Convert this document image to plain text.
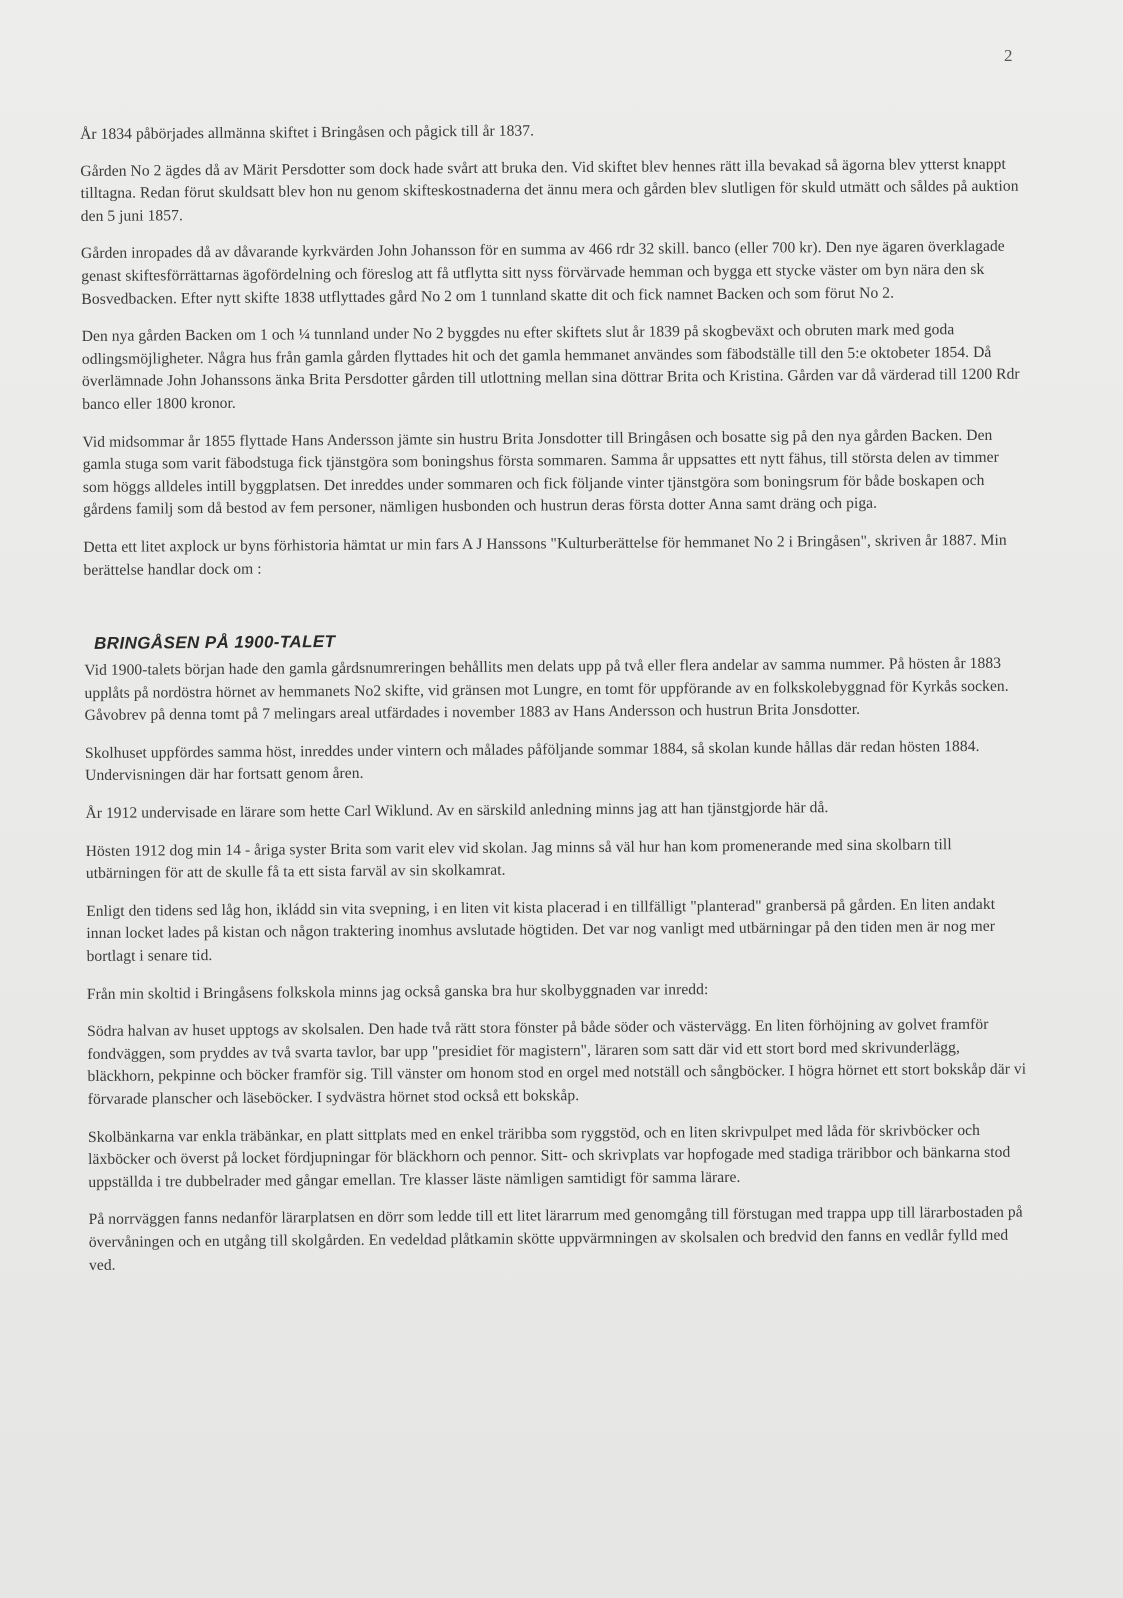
2

År 1834 påbörjades allmänna skiftet i Bringåsen och pågick till år 1837.

Gården No 2 ägdes då av Märit Persdotter som dock hade svårt att bruka den. Vid skiftet blev hennes rätt illa bevakad så ägorna blev ytterst knappt tilltagna. Redan förut skuldsatt blev hon nu genom skifteskostnaderna det ännu mera och gården blev slutligen för skuld utmätt och såldes på auktion den 5 juni 1857.

Gården inropades då av dåvarande kyrkvärden John Johansson för en summa av 466 rdr 32 skill. banco (eller 700 kr). Den nye ägaren överklagade genast skiftesförrättarnas ägofördelning och föreslog att få utflytta sitt nyss förvärvade hemman och bygga ett stycke väster om byn nära den sk Bosvedbacken. Efter nytt skifte 1838 utflyttades gård No 2 om 1 tunnland skatte dit och fick namnet Backen och som förut No 2.

Den nya gården Backen om 1 och ¼ tunnland under No 2 byggdes nu efter skiftets slut år 1839 på skogbeväxt och obruten mark med goda odlingsmöjligheter. Några hus från gamla gården flyttades hit och det gamla hemmanet användes som fäbodställe till den 5:e oktobeter 1854. Då överlämnade John Johanssons änka Brita Persdotter gården till utlottning mellan sina döttrar Brita och Kristina. Gården var då värderad till 1200 Rdr banco eller 1800 kronor.

Vid midsommar år 1855 flyttade Hans Andersson jämte sin hustru Brita Jonsdotter till Bringåsen och bosatte sig på den nya gården Backen. Den gamla stuga som varit fäbodstuga fick tjänstgöra som boningshus första sommaren. Samma år uppsattes ett nytt fähus, till största delen av timmer som höggs alldeles intill byggplatsen. Det inreddes under sommaren och fick följande vinter tjänstgöra som boningsrum för både boskapen och gårdens familj som då bestod av fem personer, nämligen husbonden och hustrun deras första dotter Anna samt dräng och piga.

Detta ett litet axplock ur byns förhistoria hämtat ur min fars A J Hanssons "Kulturberättelse för hemmanet No 2 i Bringåsen", skriven år 1887. Min berättelse handlar dock om :

BRINGÅSEN PÅ 1900-TALET

Vid 1900-talets början hade den gamla gårdsnumreringen behållits men delats upp på två eller flera andelar av samma nummer. På hösten år 1883 upplåts på nordöstra hörnet av hemmanets No2 skifte, vid gränsen mot Lungre, en tomt för uppförande av en folkskolebyggnad för Kyrkås socken. Gåvobrev på denna tomt på 7 melingars areal utfärdades i november 1883 av Hans Andersson och hustrun Brita Jonsdotter.

Skolhuset uppfördes samma höst, inreddes under vintern och målades påföljande sommar 1884, så skolan kunde hållas där redan hösten 1884. Undervisningen där har fortsatt genom åren.

År 1912 undervisade en lärare som hette Carl Wiklund. Av en särskild anledning minns jag att han tjänstgjorde här då.

Hösten 1912 dog min 14 - åriga syster Brita som varit elev vid skolan. Jag minns så väl hur han kom promenerande med sina skolbarn till utbärningen för att de skulle få ta ett sista farväl av sin skolkamrat.

Enligt den tidens sed låg hon, ikládd sin vita svepning, i en liten vit kista placerad i en tillfälligt "planterad" granbersä på gården. En liten andakt innan locket lades på kistan och någon traktering inomhus avslutade högtiden. Det var nog vanligt med utbärningar på den tiden men är nog mer bortlagt i senare tid.

Från min skoltid i Bringåsens folkskola minns jag också ganska bra hur skolbyggnaden var inredd:

Södra halvan av huset upptogs av skolsalen. Den hade två rätt stora fönster på både söder och västervägg. En liten förhöjning av golvet framför fondväggen, som pryddes av två svarta tavlor, bar upp "presidiet för magistern", läraren som satt där vid ett stort bord med skrivunderlägg, bläckhorn, pekpinne och böcker framför sig. Till vänster om honom stod en orgel med notställ och sångböcker. I högra hörnet ett stort bokskåp där vi förvarade planscher och läseböcker. I sydvästra hörnet stod också ett bokskåp.

Skolbänkarna var enkla träbänkar, en platt sittplats med en enkel träribba som ryggstöd, och en liten skrivpulpet med låda för skrivböcker och läxböcker och överst på locket fördjupningar för bläckhorn och pennor. Sitt- och skrivplats var hopfogade med stadiga träribbor och bänkarna stod uppställda i tre dubbelrader med gångar emellan. Tre klasser läste nämligen samtidigt för samma lärare.

På norrväggen fanns nedanför lärarplatsen en dörr som ledde till ett litet lärarrum med genomgång till förstugan med trappa upp till lärarbostaden på övervåningen och en utgång till skolgården. En vedeldad plåtkamin skötte uppvärmningen av skolsalen och bredvid den fanns en vedlår fylld med ved.
